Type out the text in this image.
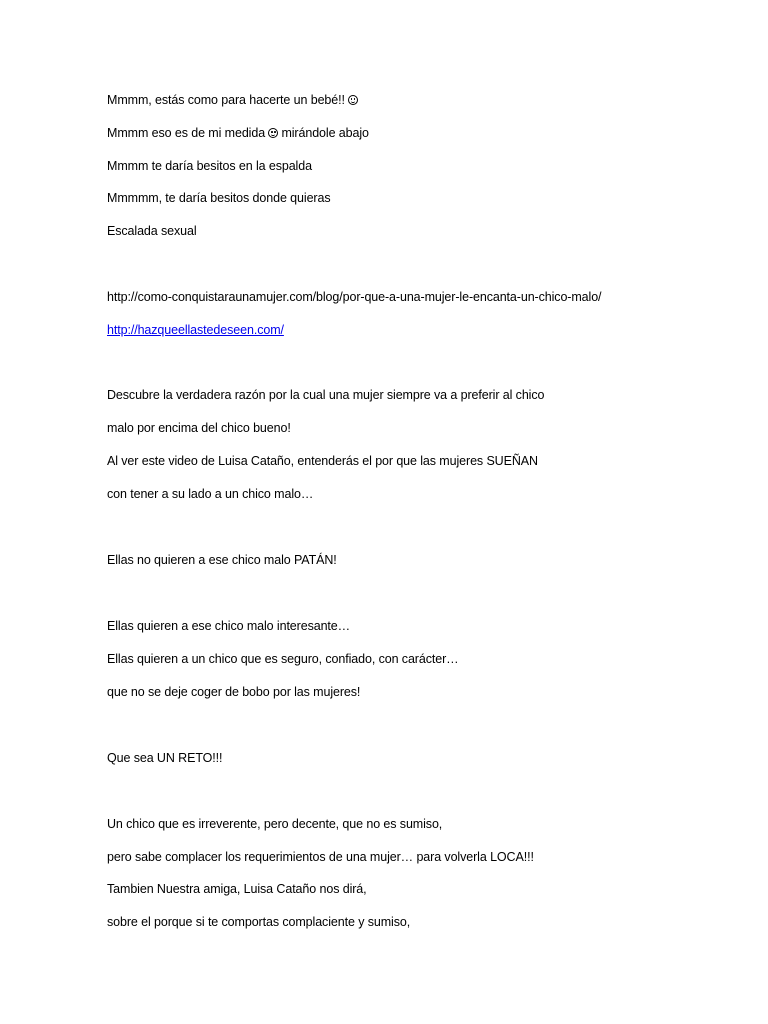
Mmmm, estás como para hacerte un bebé!!
Mmmm eso es de mi medida mirándole abajo
Mmmm te daría besitos en la espalda
Mmmmm, te daría besitos donde quieras
Escalada sexual
http://como-conquistaraunamujer.com/blog/por-que-a-una-mujer-le-encanta-un-chico-malo/
http://hazqueellastedeseen.com/
Descubre la verdadera razón por la cual una mujer siempre va a preferir al chico
malo por encima del chico bueno!
Al ver este video de Luisa Cataño, entenderás el por que las mujeres SUEÑAN
con tener a su lado a un chico malo…
Ellas no quieren a ese chico malo PATÁN!
Ellas quieren a ese chico malo interesante…
Ellas quieren a un chico que es seguro, confiado, con carácter…
que no se deje coger de bobo por las mujeres!
Que sea UN RETO!!!
Un chico que es irreverente, pero decente, que no es sumiso,
pero sabe complacer los requerimientos de una mujer… para volverla LOCA!!!
Tambien Nuestra amiga, Luisa Cataño nos dirá,
sobre el porque si te comportas complaciente y sumiso,
